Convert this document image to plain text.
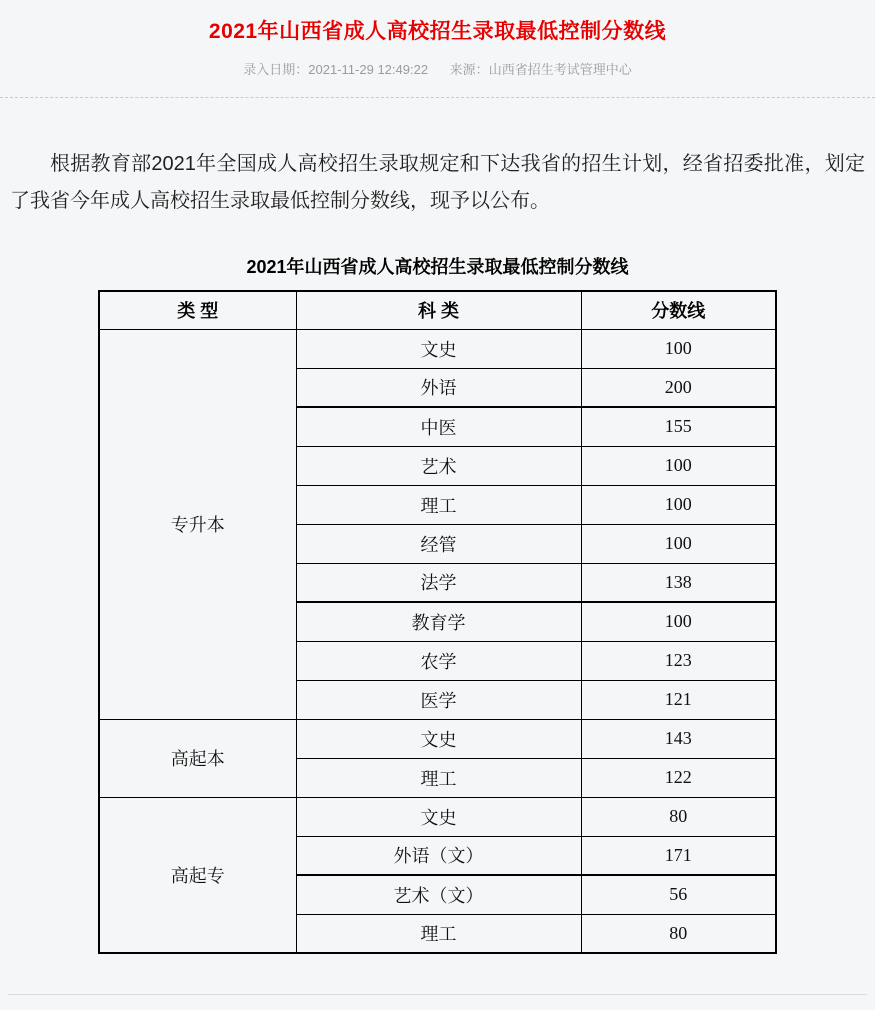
2021年山西省成人高校招生录取最低控制分数线
录入日期：2021-11-29 12:49:22 来源：山西省招生考试管理中心

根据教育部2021年全国成人高校招生录取规定和下达我省的招生计划，经省招委批准，划定了我省今年成人高校招生录取最低控制分数线，现予以公布。

2021年山西省成人高校招生录取最低控制分数线
类 型	科 类	分数线
专升本	文史	100
	外语	200
	中医	155
	艺术	100
	理工	100
	经管	100
	法学	138
	教育学	100
	农学	123
	医学	121
高起本	文史	143
	理工	122
高起专	文史	80
	外语（文）	171
	艺术（文）	56
	理工	80
